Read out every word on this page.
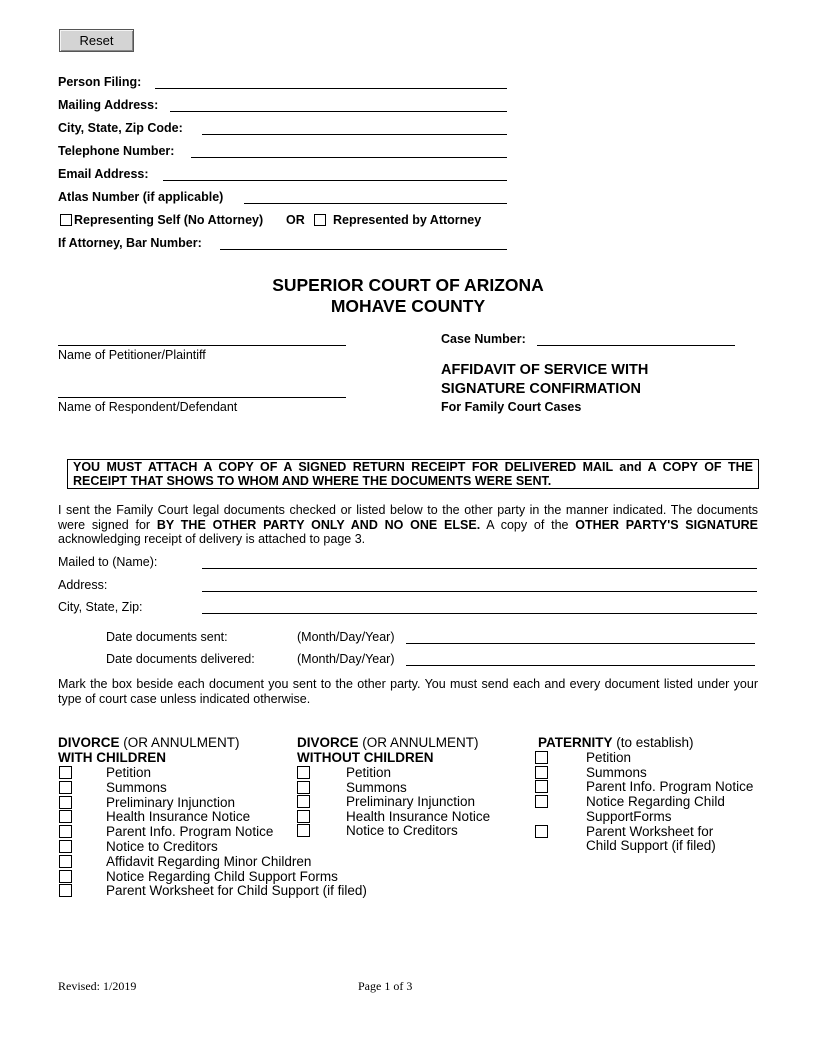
Reset
Person Filing:
Mailing Address:
City, State, Zip Code:
Telephone Number:
Email Address:
Atlas Number (if applicable)
Representing Self (No Attorney) OR Represented by Attorney
If Attorney, Bar Number:
SUPERIOR COURT OF ARIZONA
MOHAVE COUNTY
Name of Petitioner/Plaintiff
Name of Respondent/Defendant
Case Number:
AFFIDAVIT OF SERVICE WITH
SIGNATURE CONFIRMATION
For Family Court Cases
YOU MUST ATTACH A COPY OF A SIGNED RETURN RECEIPT FOR DELIVERED MAIL and A COPY OF THE
RECEIPT THAT SHOWS TO WHOM AND WHERE THE DOCUMENTS WERE SENT.
I sent the Family Court legal documents checked or listed below to the other party in the manner indicated. The documents were signed for BY THE OTHER PARTY ONLY AND NO ONE ELSE. A copy of the OTHER PARTY'S SIGNATURE acknowledging receipt of delivery is attached to page 3.
Mailed to (Name):
Address:
City, State, Zip:
Date documents sent:	(Month/Day/Year)
Date documents delivered:	(Month/Day/Year)
Mark the box beside each document you sent to the other party. You must send each and every document listed under your type of court case unless indicated otherwise.
DIVORCE (OR ANNULMENT)
WITH CHILDREN
Petition
Summons
Preliminary Injunction
Health Insurance Notice
Parent Info. Program Notice
Notice to Creditors
Affidavit Regarding Minor Children
Notice Regarding Child Support Forms
Parent Worksheet for Child Support (if filed)
DIVORCE (OR ANNULMENT)
WITHOUT CHILDREN
Petition
Summons
Preliminary Injunction
Health Insurance Notice
Notice to Creditors
PATERNITY (to establish)
Petition
Summons
Parent Info. Program Notice
Notice Regarding Child
SupportForms
Parent Worksheet for
Child Support (if filed)
Revised: 1/2019	Page 1 of 3
